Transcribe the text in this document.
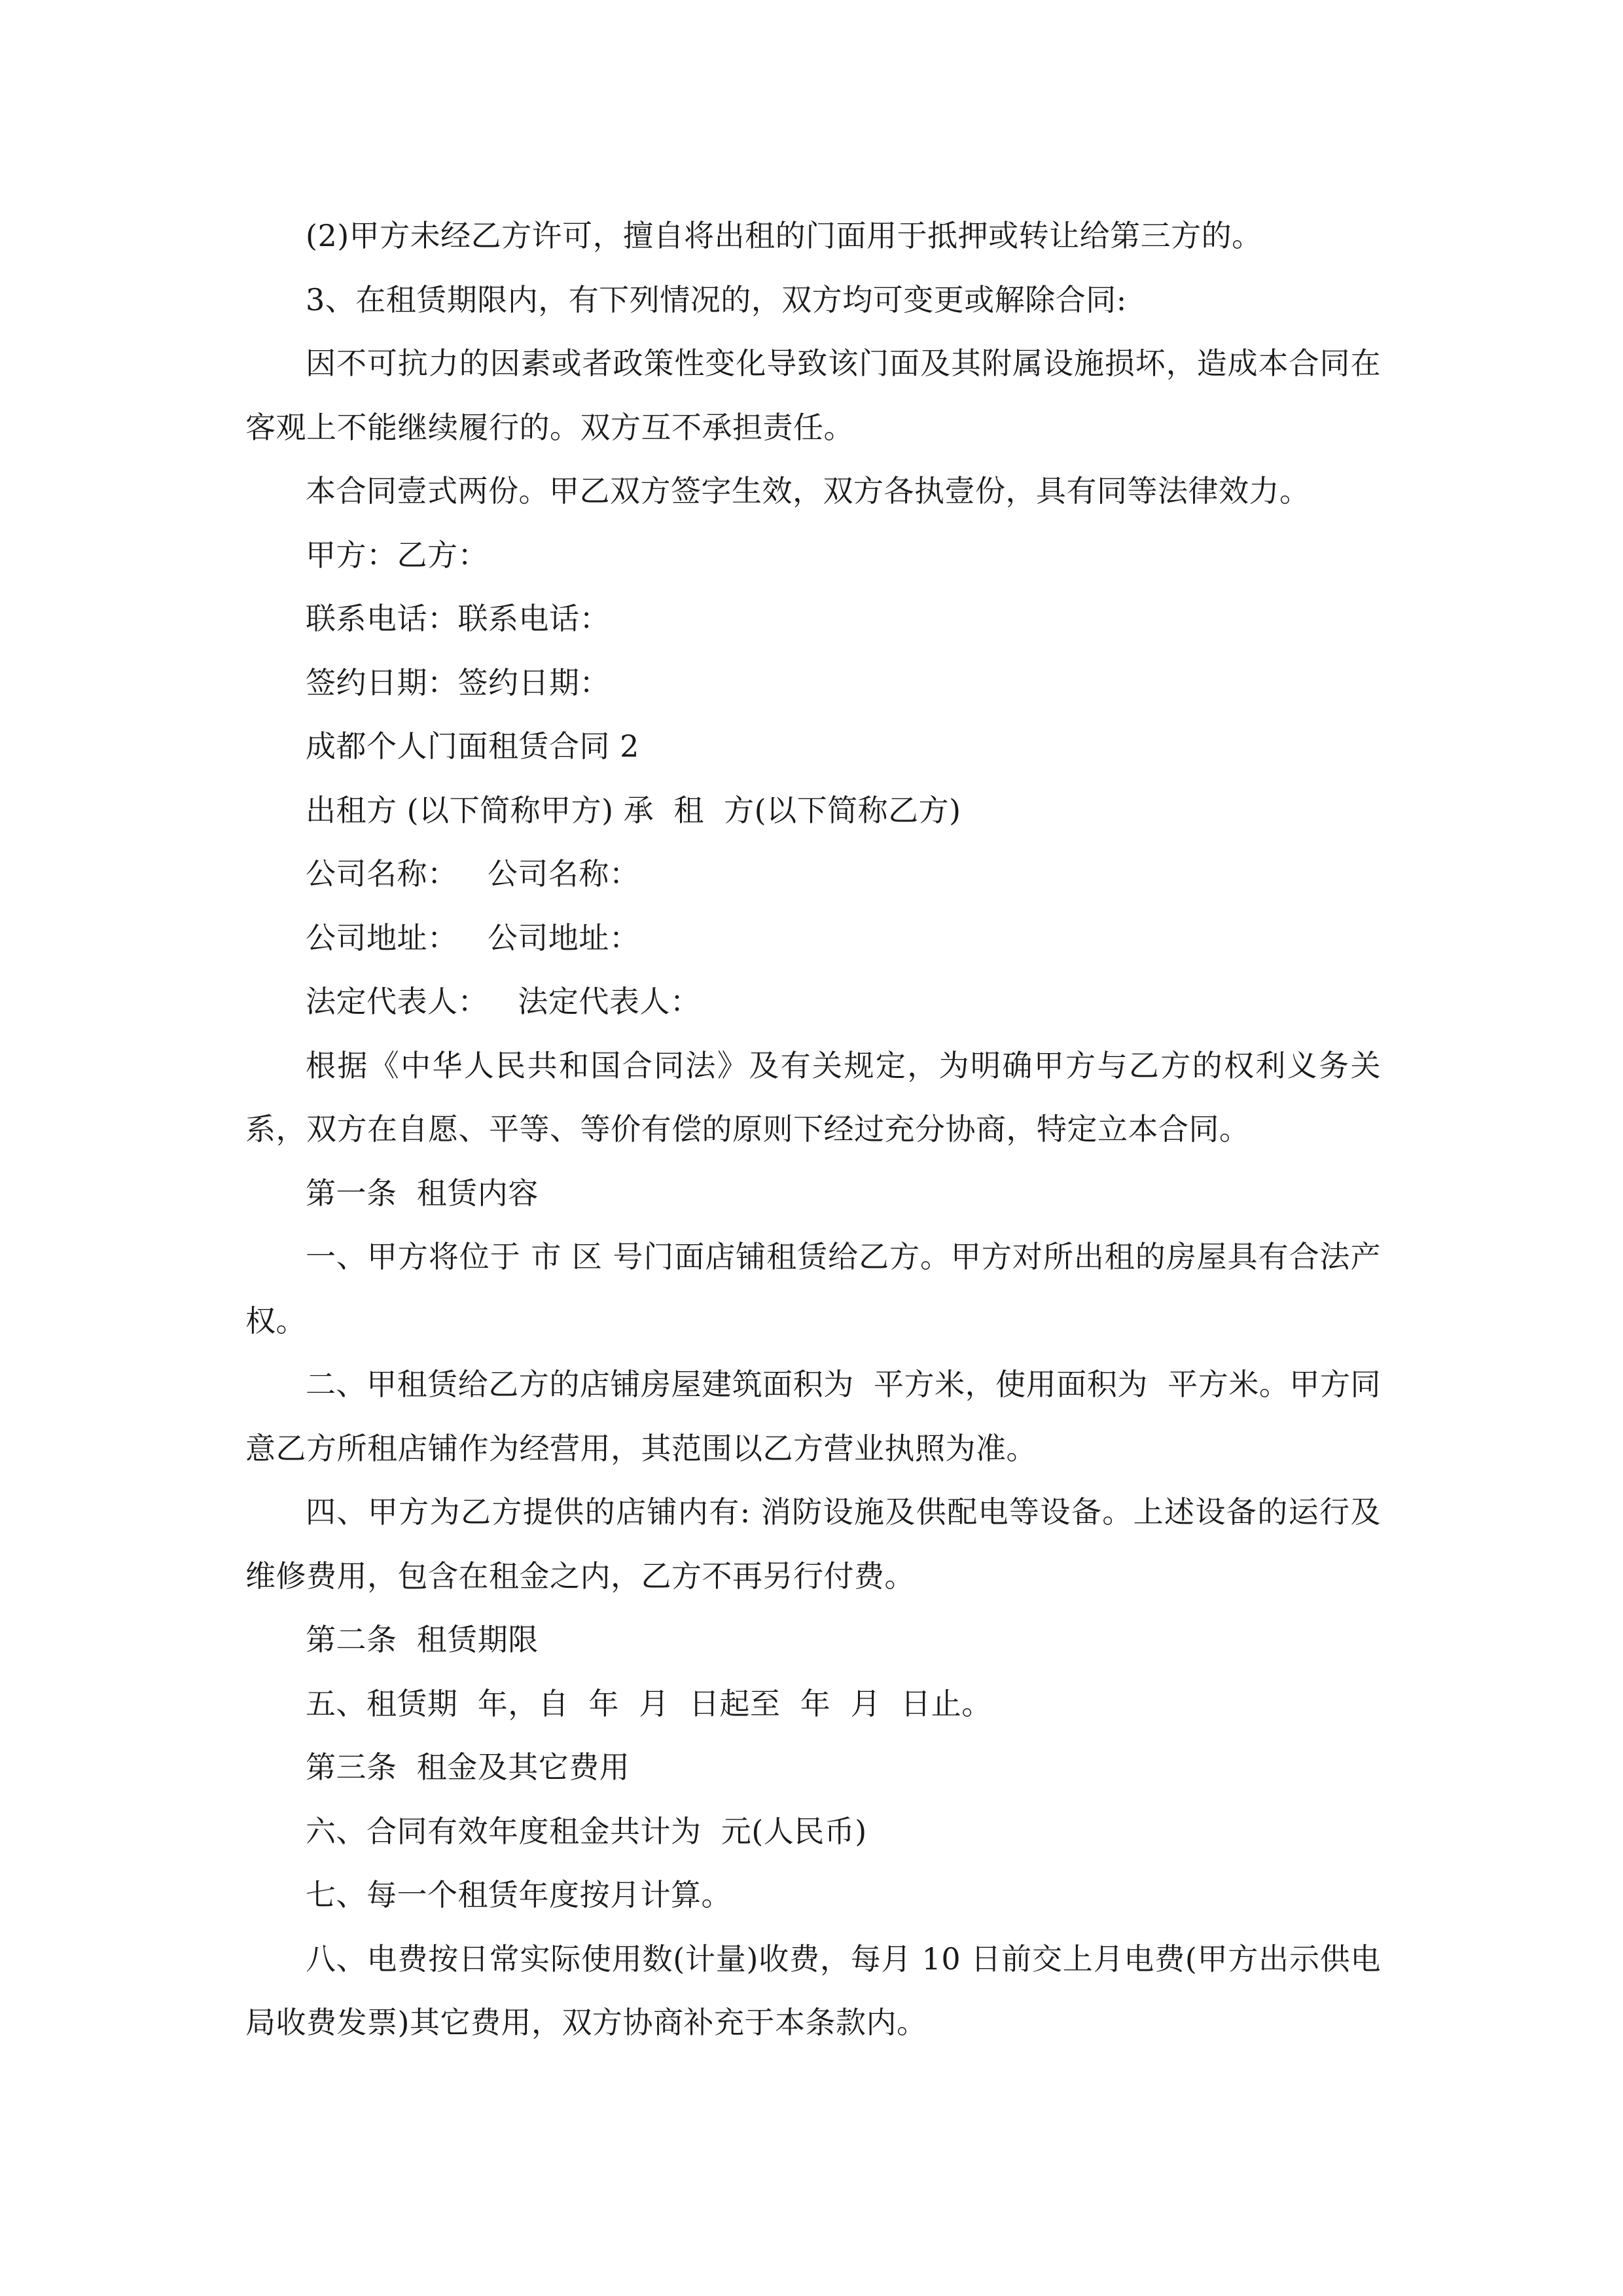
(2)甲方未经乙方许可，擅自将出租的门面用于抵押或转让给第三方的。

3、在租赁期限内，有下列情况的，双方均可变更或解除合同:

因不可抗力的因素或者政策性变化导致该门面及其附属设施损坏，造成本合同在客观上不能继续履行的。双方互不承担责任。

本合同壹式两份。甲乙双方签字生效，双方各执壹份，具有同等法律效力。

甲方：乙方：

联系电话：联系电话：

签约日期：签约日期：

成都个人门面租赁合同 2

出租方 (以下简称甲方) 承  租  方(以下简称乙方)

公司名称：   公司名称：

公司地址：   公司地址：

法定代表人：   法定代表人：

根据《中华人民共和国合同法》及有关规定，为明确甲方与乙方的权利义务关系，双方在自愿、平等、等价有偿的原则下经过充分协商，特定立本合同。

第一条  租赁内容

一、甲方将位于 市 区 号门面店铺租赁给乙方。甲方对所出租的房屋具有合法产权。

二、甲租赁给乙方的店铺房屋建筑面积为  平方米，使用面积为  平方米。甲方同意乙方所租店铺作为经营用，其范围以乙方营业执照为准。

四、甲方为乙方提供的店铺内有: 消防设施及供配电等设备。上述设备的运行及维修费用，包含在租金之内，乙方不再另行付费。

第二条  租赁期限

五、租赁期  年，自  年  月  日起至  年  月  日止。

第三条  租金及其它费用

六、合同有效年度租金共计为  元(人民币)

七、每一个租赁年度按月计算。

八、电费按日常实际使用数(计量)收费，每月 10 日前交上月电费(甲方出示供电局收费发票)其它费用，双方协商补充于本条款内。
